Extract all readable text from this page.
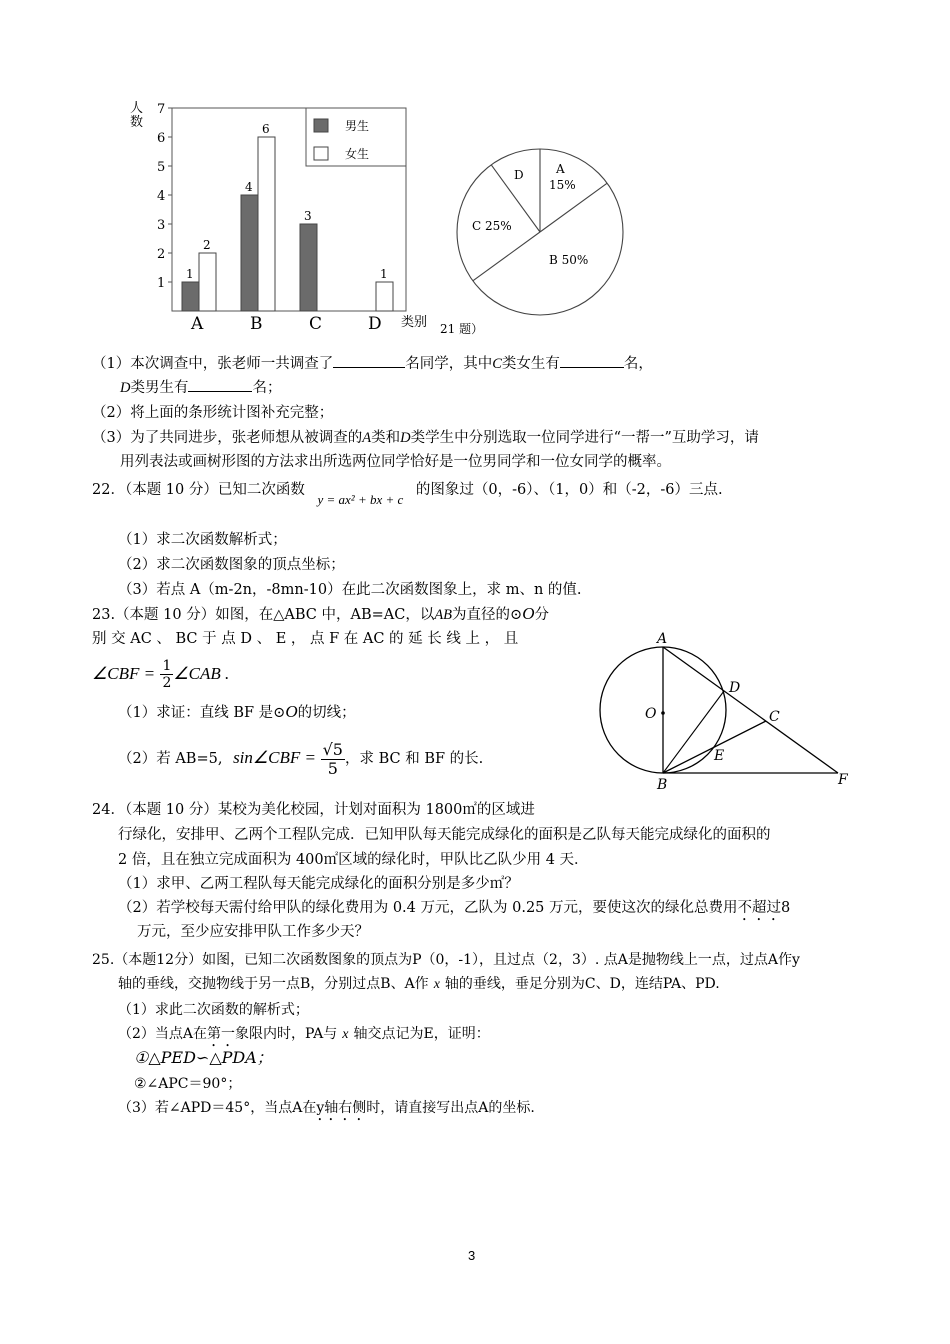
人
数
1
2
3
4
5
6
7
1
4
3
2
6
1
男生
女生
A	B	C	D 类别 21 题）
A
15%
B 50%
C 25%
D
（1）本次调查中，张老师一共调查了	名同学，其中C类女生有	名，
D类男生有	名；
（2）将上面的条形统计图补充完整；
（3）为了共同进步，张老师想从被调查的A类和D类学生中分别选取一位同学进行“一帮一”互助学习，请
用列表法或画树形图的方法求出所选两位同学恰好是一位男同学和一位女同学的概率。
22．（本题 10 分）已知二次函数 y = ax² + bx + c 的图象过（0，-6）、（1，0）和（-2，-6）三点.
（1）求二次函数解析式；
（2）求二次函数图象的顶点坐标；
（3）若点 A（m-2n，-8mn-10）在此二次函数图象上，求 m、n 的值.
23.（本题 10 分）如图，在△ABC 中，AB=AC，以AB为直径的⊙O分
别 交 AC 、 BC 于 点 D 、 E ， 点 F 在 AC 的 延 长 线 上 ， 且
∠CBF = $\frac{1}{2}$ ∠CAB .
（1）求证：直线 BF 是⊙O的切线；
（2）若 AB=5, sin∠CBF = $\frac{√5}{5}$ ，求 BC 和 BF 的长.
A
O
D
C
E
B	F
24．（本题 10 分）某校为美化校园，计划对面积为 1800㎡的区域进
行绿化，安排甲、乙两个工程队完成．已知甲队每天能完成绿化的面积是乙队每天能完成绿化的面积的
2 倍，且在独立完成面积为 400㎡区域的绿化时，甲队比乙队少用 4 天．
（1）求甲、乙两工程队每天能完成绿化的面积分别是多少㎡？
（2）若学校每天需付给甲队的绿化费用为 0.4 万元，乙队为 0.25 万元，要使这次的绿化总费用不超过8
万元，至少应安排甲队工作多少天？
25.（本题12分）如图，已知二次函数图象的顶点为P（0，-1），且过点（2，3）. 点A是抛物线上一点，过点A作y
轴的垂线，交抛物线于另一点B，分别过点B、A作 x 轴的垂线，垂足分别为C、D，连结PA、PD.
（1）求此二次函数的解析式；
（2）当点A在第一象限内时，PA与 x 轴交点记为E，证明：
①△PED∽△PDA；
②∠APC＝90°；
（3）若∠APD＝45°，当点A在y轴右侧时，请直接写出点A的坐标.
3
